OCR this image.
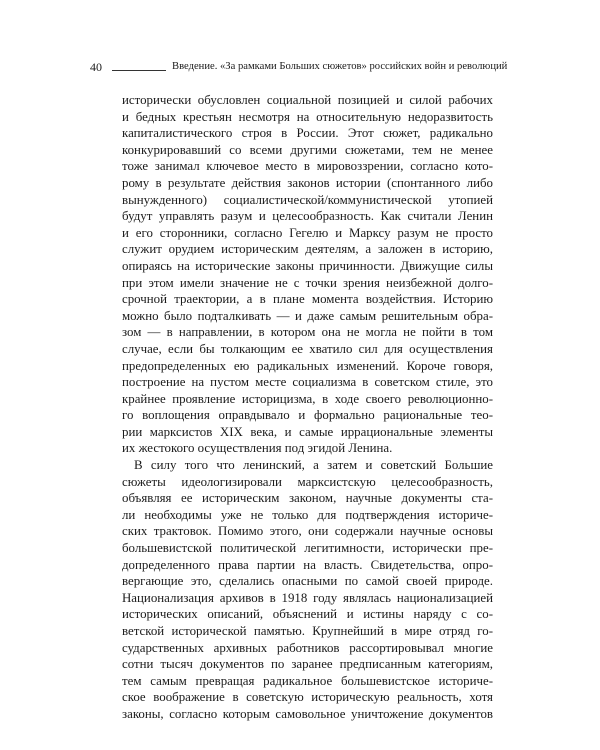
40	Введение. «За рамками Больших сюжетов» российских войн и революций
исторически обусловлен социальной позицией и силой рабочих
и бедных крестьян несмотря на относительную недоразвитость
капиталистического строя в России. Этот сюжет, радикально
конкурировавший со всеми другими сюжетами, тем не менее
тоже занимал ключевое место в мировоззрении, согласно кото-
рому в результате действия законов истории (спонтанного либо
вынужденного) социалистической/коммунистической утопией
будут управлять разум и целесообразность. Как считали Ленин
и его сторонники, согласно Гегелю и Марксу разум не просто
служит орудием историческим деятелям, а заложен в историю,
опираясь на исторические законы причинности. Движущие силы
при этом имели значение не с точки зрения неизбежной долго-
срочной траектории, а в плане момента воздействия. Историю
можно было подталкивать — и даже самым решительным обра-
зом — в направлении, в котором она не могла не пойти в том
случае, если бы толкающим ее хватило сил для осуществления
предопределенных ею радикальных изменений. Короче говоря,
построение на пустом месте социализма в советском стиле, это
крайнее проявление историцизма, в ходе своего революционно-
го воплощения оправдывало и формально рациональные тео-
рии марксистов XIX века, и самые иррациональные элементы
их жестокого осуществления под эгидой Ленина.
В силу того что ленинский, а затем и советский Большие
сюжеты идеологизировали марксистскую целесообразность,
объявляя ее историческим законом, научные документы ста-
ли необходимы уже не только для подтверждения историче-
ских трактовок. Помимо этого, они содержали научные основы
большевистской политической легитимности, исторически пре-
допределенного права партии на власть. Свидетельства, опро-
вергающие это, сделались опасными по самой своей природе.
Национализация архивов в 1918 году являлась национализацией
исторических описаний, объяснений и истины наряду с со-
ветской исторической памятью. Крупнейший в мире отряд го-
сударственных архивных работников рассортировывал многие
сотни тысяч документов по заранее предписанным категориям,
тем самым превращая радикальное большевистское историче-
ское воображение в советскую историческую реальность, хотя
законы, согласно которым самовольное уничтожение документов
